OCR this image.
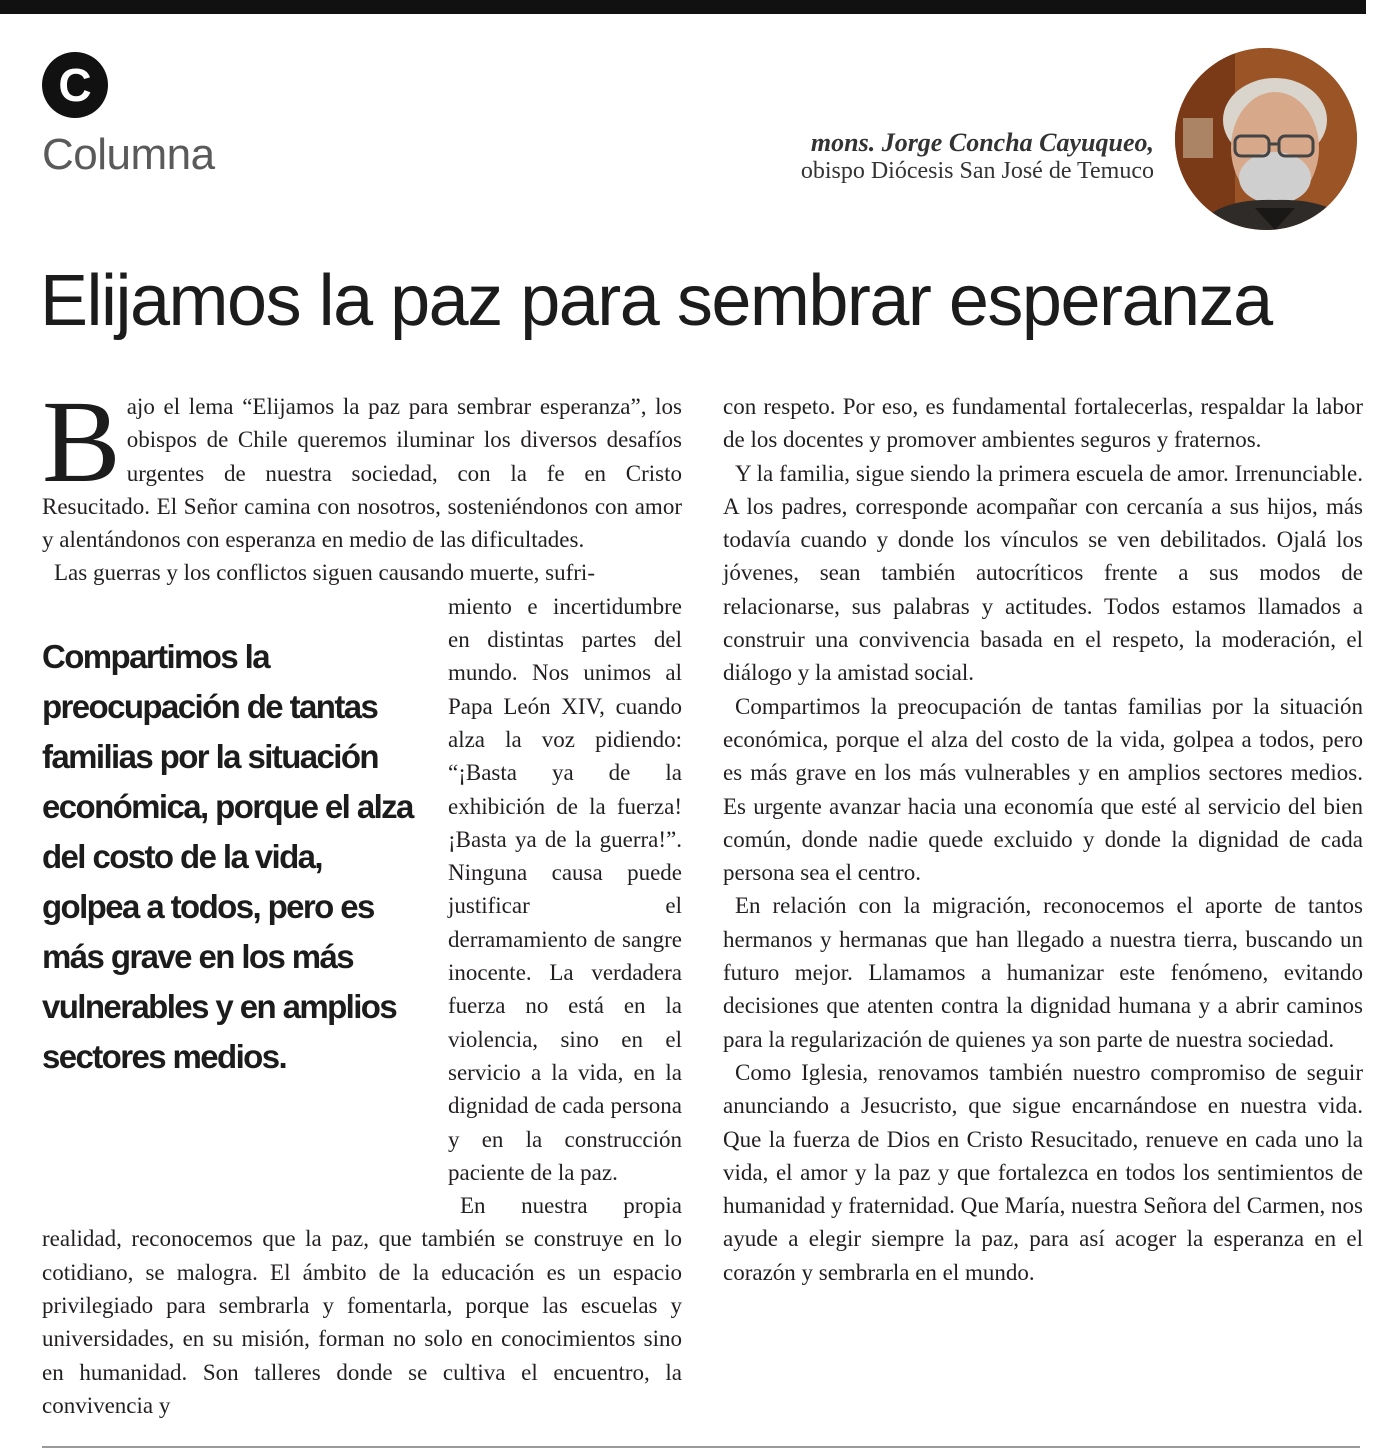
C
Columna	mons. Jorge Concha Cayuqueo,
obispo Diócesis San José de Temuco
Elijamos la paz para sembrar esperanza

Bajo el lema “Elijamos la paz para sembrar esperanza”, los obispos de Chile queremos iluminar los diversos desafíos urgentes de nuestra sociedad, con la fe en Cristo Resucitado. El Señor camina con nosotros, sosteniéndonos con amor y alentándonos con esperanza en medio de las dificultades.

Las guerras y los conflictos siguen causando muerte, sufri-

Compartimos la preocupación de tantas familias por la situación económica, porque el alza del costo de la vida, golpea a todos, pero es más grave en los más vulnerables y en amplios sectores medios.

miento e incertidumbre en distintas partes del mundo. Nos unimos al Papa León XIV, cuando alza la voz pidiendo: “¡Basta ya de la exhibición de la fuerza! ¡Basta ya de la guerra!”. Ninguna causa puede justificar el derramamiento de sangre inocente. La verdadera fuerza no está en la violencia, sino en el servicio a la vida, en la dignidad de cada persona y en la construcción paciente de la paz.

En nuestra propia realidad, reconocemos que la paz, que también se construye en lo cotidiano, se malogra. El ámbito de la educación es un espacio privilegiado para sembrarla y fomentarla, porque las escuelas y universidades, en su misión, forman no solo en conocimientos sino en humanidad. Son talleres donde se cultiva el encuentro, la convivencia y

con respeto. Por eso, es fundamental fortalecerlas, respaldar la labor de los docentes y promover ambientes seguros y fraternos.

Y la familia, sigue siendo la primera escuela de amor. Irrenunciable. A los padres, corresponde acompañar con cercanía a sus hijos, más todavía cuando y donde los vínculos se ven debilitados. Ojalá los jóvenes, sean también autocríticos frente a sus modos de relacionarse, sus palabras y actitudes. Todos estamos llamados a construir una convivencia basada en el respeto, la moderación, el diálogo y la amistad social.

Compartimos la preocupación de tantas familias por la situación económica, porque el alza del costo de la vida, golpea a todos, pero es más grave en los más vulnerables y en amplios sectores medios. Es urgente avanzar hacia una economía que esté al servicio del bien común, donde nadie quede excluido y donde la dignidad de cada persona sea el centro.

En relación con la migración, reconocemos el aporte de tantos hermanos y hermanas que han llegado a nuestra tierra, buscando un futuro mejor. Llamamos a humanizar este fenómeno, evitando decisiones que atenten contra la dignidad humana y a abrir caminos para la regularización de quienes ya son parte de nuestra sociedad.

Como Iglesia, renovamos también nuestro compromiso de seguir anunciando a Jesucristo, que sigue encarnándose en nuestra vida. Que la fuerza de Dios en Cristo Resucitado, renueve en cada uno la vida, el amor y la paz y que fortalezca en todos los sentimientos de humanidad y fraternidad. Que María, nuestra Señora del Carmen, nos ayude a elegir siempre la paz, para así acoger la esperanza en el corazón y sembrarla en el mundo.
